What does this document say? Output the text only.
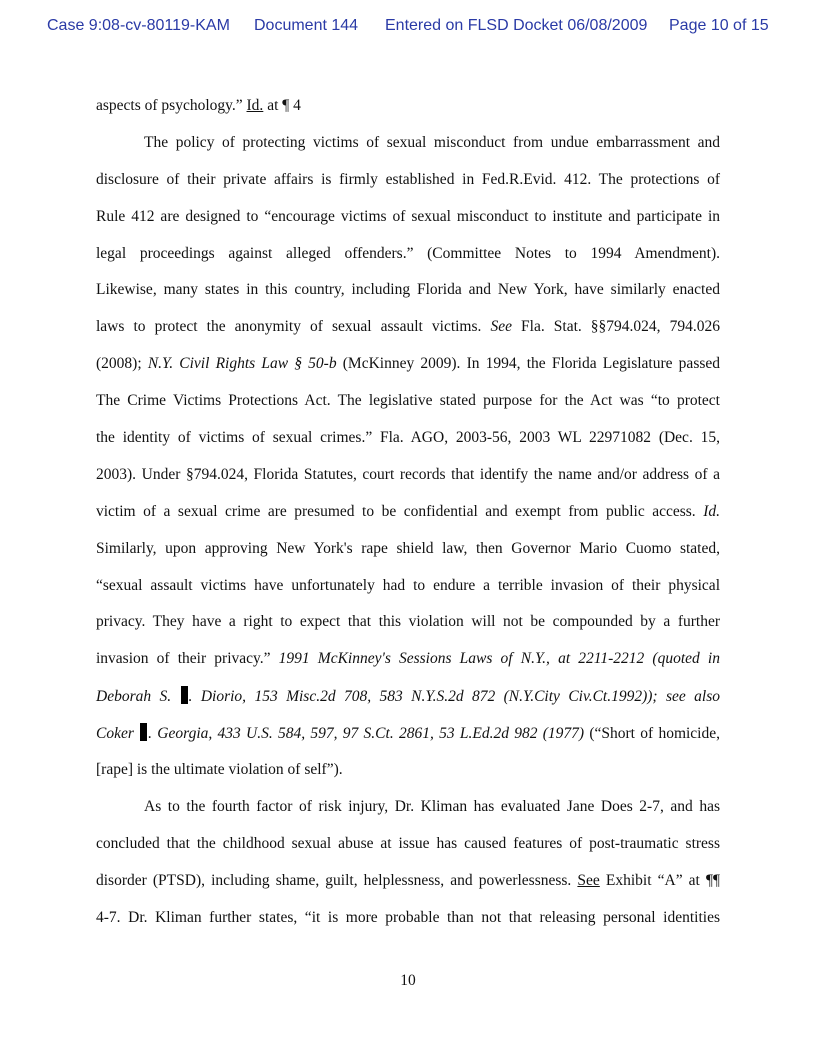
Case 9:08-cv-80119-KAM Document 144 Entered on FLSD Docket 06/08/2009 Page 10 of 15
aspects of psychology.” Id. at ¶ 4
The policy of protecting victims of sexual misconduct from undue embarrassment and
disclosure of their private affairs is firmly established in Fed.R.Evid. 412. The protections of
Rule 412 are designed to “encourage victims of sexual misconduct to institute and participate in
legal proceedings against alleged offenders.” (Committee Notes to 1994 Amendment).
Likewise, many states in this country, including Florida and New York, have similarly enacted
laws to protect the anonymity of sexual assault victims. See Fla. Stat. §§794.024, 794.026
(2008); N.Y. Civil Rights Law § 50-b (McKinney 2009). In 1994, the Florida Legislature passed
The Crime Victims Protections Act. The legislative stated purpose for the Act was “to protect
the identity of victims of sexual crimes.” Fla. AGO, 2003-56, 2003 WL 22971082 (Dec. 15,
2003). Under §794.024, Florida Statutes, court records that identify the name and/or address of a
victim of a sexual crime are presumed to be confidential and exempt from public access. Id.
Similarly, upon approving New York's rape shield law, then Governor Mario Cuomo stated,
“sexual assault victims have unfortunately had to endure a terrible invasion of their physical
privacy. They have a right to expect that this violation will not be compounded by a further
invasion of their privacy.” 1991 McKinney's Sessions Laws of N.Y., at 2211-2212 (quoted in
Deborah S. . Diorio, 153 Misc.2d 708, 583 N.Y.S.2d 872 (N.Y.City Civ.Ct.1992)); see also
Coker . Georgia, 433 U.S. 584, 597, 97 S.Ct. 2861, 53 L.Ed.2d 982 (1977) (“Short of homicide,
[rape] is the ultimate violation of self”).
As to the fourth factor of risk injury, Dr. Kliman has evaluated Jane Does 2-7, and has
concluded that the childhood sexual abuse at issue has caused features of post-traumatic stress
disorder (PTSD), including shame, guilt, helplessness, and powerlessness. See Exhibit “A” at ¶¶
4-7. Dr. Kliman further states, “it is more probable than not that releasing personal identities
10
